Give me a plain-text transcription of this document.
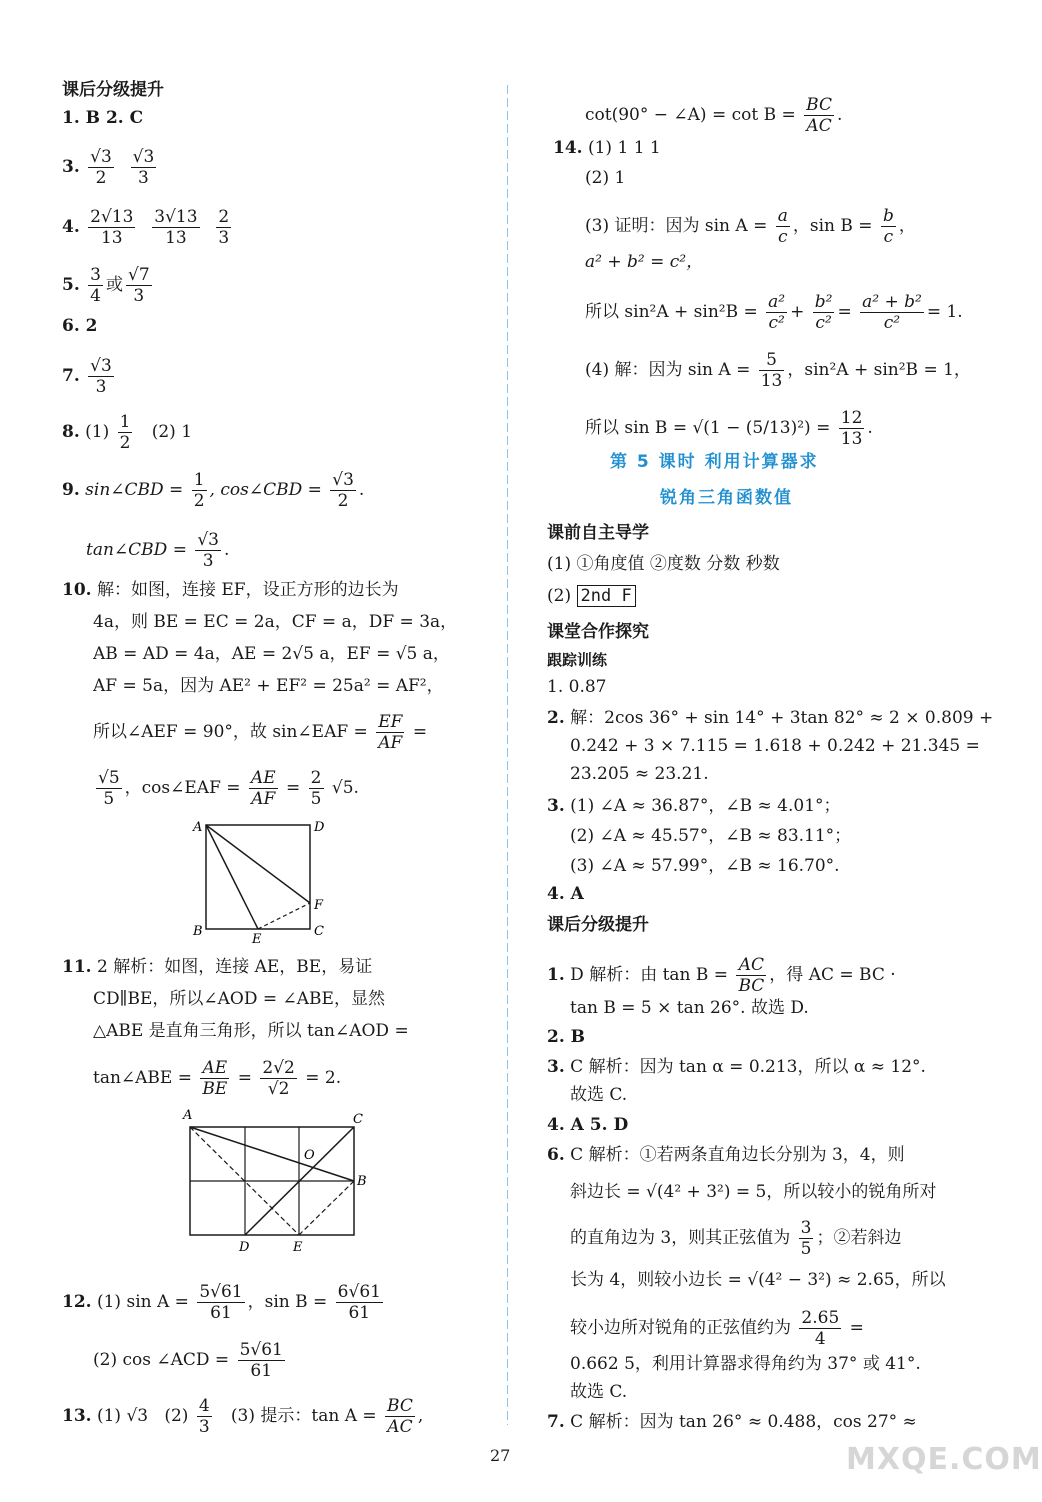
课后分级提升
1. B 2. C
3. $\frac{√3}{2}$
$\frac{√3}{3}$
4. $\frac{2√13}{13}$
$\frac{3√13}{13}$
$\frac{2}{3}$
5. $\frac{3}{4}$ 或 $\frac{√7}{3}$
6. 2
7. $\frac{√3}{3}$
8. $(1) \frac{1}{2} (2)$ 1
9. sin∠CBD = $\frac{1}{2}$ , cos∠CBD = $\frac{√3}{2}$ .
tan∠CBD = $\frac{√3}{3}$ .
10. 解：如图，连接 EF，设正方形的边长为
4a，则 BE = EC = 2a，CF = a，DF = 3a，
AB = AD = 4a，AE = 2√5 a，EF = √5 a，
AF = 5a，因为 AE² + EF² = 25a² = AF²，
所以∠AEF = 90°，故 sin∠EAF = $\frac{EF}{AF}$ =
$\frac{√5}{5}$ ，cos∠EAF = $\frac{AE}{AF} = \frac{2}{5} √5$.
A	D
B	C
E
F
11. 2 解析：如图，连接 AE，BE，易证
CD∥BE，所以∠AOD = ∠ABE，显然
△ABE 是直角三角形，所以 tan∠AOD =
tan∠ABE = $\frac{AE}{BE} = \frac{2√2}{√2} = 2$.
A	C
B
D	E
O
12. (1) $\sin A = \frac{5√61}{61}$ ，$\sin B = \frac{6√61}{61}$
(2) cos ∠ACD = $\frac{5√61}{61}$
13. (1) √3 $(2) \frac{4}{3} (3)$ 提示：$\tan A = \frac{BC}{AC}$ ,
cot(90° − ∠A) = $\cot B = \frac{BC}{AC}$ .
14. (1) 1 1 1
(2) 1
(3) 证明：因为 $\sin A = \frac{a}{c}$ ，$\sin B = \frac{b}{c}$ ，
a² + b² = c²，
所以 $\sin^2A + \sin^2B = \frac{\text{a²}}{\text{c²}} + \frac{\text{b²}}{\text{c²}} = \frac{\text{a² + b²}}{\text{c²}} = 1$.
(4) 解：因为 $\sin A = \frac{5}{13}$ ，sin²A + sin²B = 1，
所以 $\sin B = √(1 - (5/13)^2) = \frac{12}{13}$ .
第 5 课时 利用计算器求
锐角三角函数值
课前自主导学
(1) ①角度值 ②度数 分数 秒数
(2) 2nd F
课堂合作探究
跟踪训练
1. 0.87
2. 解：2cos 36° + sin 14° + 3tan 82° ≈ 2 × 0.809 +
0.242 + 3 × 7.115 = 1.618 + 0.242 + 21.345 =
23.205 ≈ 23.21.
3. (1) ∠A ≈ 36.87°，∠B ≈ 4.01°；
(2) ∠A ≈ 45.57°，∠B ≈ 83.11°；
(3) ∠A ≈ 57.99°，∠B ≈ 16.70°.
4. A
课后分级提升
1. D 解析：由 $\tan B = \frac{AC}{BC}$ ，得 AC = BC ·
tan B = 5 × tan 26°. 故选 D.
2. B
3. C 解析：因为 tan α = 0.213，所以 α ≈ 12°.
故选 C.
4. A 5. D
6. C 解析：①若两条直角边长分别为 3，4，则
斜边长 = √(4² + 3²) = 5，所以较小的锐角所对
的直角边为 3，则其正弦值为 $\frac{3}{5}$ ；②若斜边
长为 4，则较小边长 = √(4² − 3²) ≈ 2.65，所以
较小边所对锐角的正弦值约为 $\frac{2.65}{4}$ =
0.662 5，利用计算器求得角约为 37° 或 41°.
故选 C.
7. C 解析：因为 tan 26° ≈ 0.488，cos 27° ≈
27	MXQE.COM
